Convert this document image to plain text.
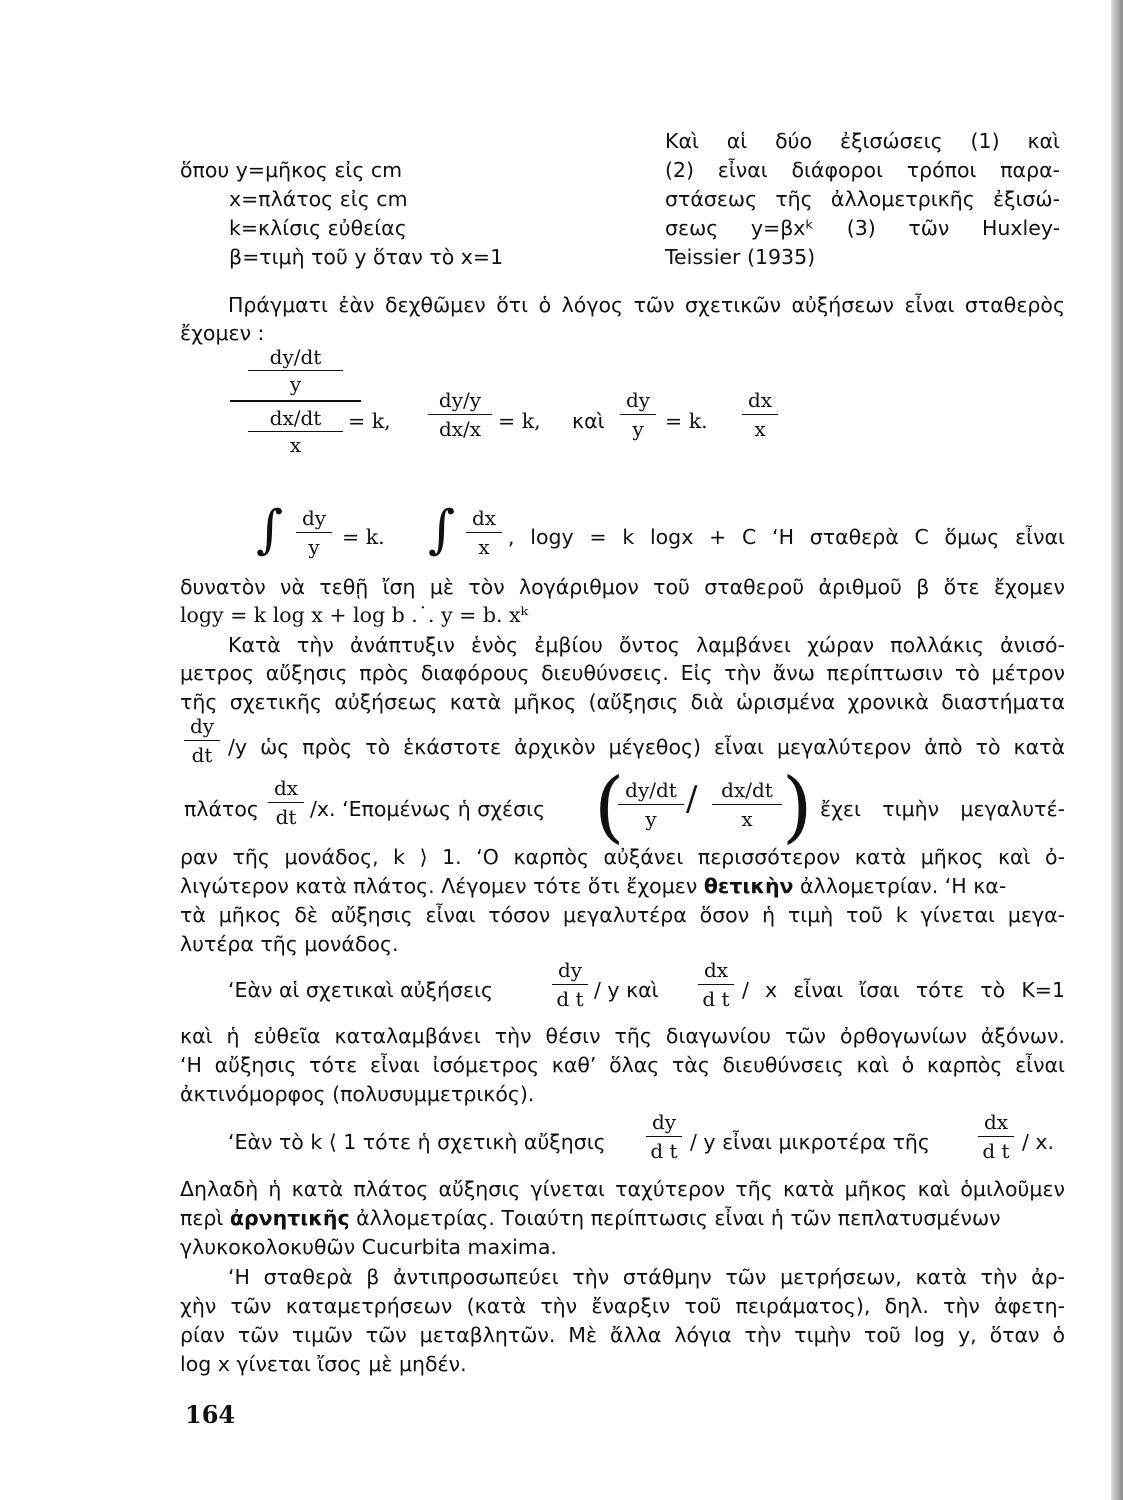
Καὶ αἱ δύο ἐξισώσεις (1) καὶ
(2) εἶναι διάφοροι τρόποι παρα-
στάσεως τῆς ἀλλομετρικῆς ἐξισώ-
σεως y=βxᵏ (3) τῶν Huxley-
Teissier (1935)
ὅπου y=μῆκος εἰς cm
x=πλάτος εἰς cm
k=κλίσις εὐθείας
β=τιμὴ τοῦ y ὅταν τὸ x=1
Πράγματι ἐὰν δεχθῶμεν ὅτι ὁ λόγος τῶν σχετικῶν αὐξήσεων εἶναι σταθερὸς
ἔχομεν :
dy/dt
y
dx/dt
x
= k,
dy/y
dx/x = k, καὶ
dy
y	= k.
dx
x
∫ dy
y	= k. ∫ dx
x , logy = k logx + C ‘Η σταθερὰ C ὅμως εἶναι
δυνατὸν νὰ τεθῇ ἴση μὲ τὸν λογάριθμον τοῦ σταθεροῦ ἀριθμοῦ β ὅτε ἔχομεν
logy = k log x + log b .˙. y = b. xᵏ
Κατὰ τὴν ἀνάπτυξιν ἑνὸς ἐμβίου ὄντος λαμβάνει χώραν πολλάκις ἀνισό-
μετρος αὔξησις πρὸς διαφόρους διευθύνσεις. Εἰς τὴν ἄνω περίπτωσιν τὸ μέτρον
τῆς σχετικῆς αὐξήσεως κατὰ μῆκος (αὔξησις διὰ ὡρισμένα χρονικὰ διαστήματα
dy
dt /y ὡς πρὸς τὸ ἑκάστοτε ἀρχικὸν μέγεθος) εἶναι μεγαλύτερον ἀπὸ τὸ κατὰ
πλάτος
dx
dt /x. ‘Επομένως ἡ σχέσις ( dy/dt
y /	dx/dt
x ) ἔχει τιμὴν μεγαλυτέ-
ραν τῆς μονάδος, k ⟩ 1. ‘Ο καρπὸς αὐξάνει περισσότερον κατὰ μῆκος καὶ ὀ-
λιγώτερον κατὰ πλάτος. Λέγομεν τότε ὅτι ἔχομεν θετικὴν ἀλλομετρίαν. ‘Η κα-
τὰ μῆκος δὲ αὔξησις εἶναι τόσον μεγαλυτέρα ὅσον ἡ τιμὴ τοῦ k γίνεται μεγα-
λυτέρα τῆς μονάδος.
‘Εὰν αἱ σχετικαὶ αὐξήσεις
dy
d t / y καὶ
dx
d t / x εἶναι ἴσαι τότε τὸ K=1
καὶ ἡ εὐθεῖα καταλαμβάνει τὴν θέσιν τῆς διαγωνίου τῶν ὀρθογωνίων ἀξόνων.
‘Η αὔξησις τότε εἶναι ἰσόμετρος καθ’ ὅλας τὰς διευθύνσεις καὶ ὁ καρπὸς εἶναι
ἀκτινόμορφος (πολυσυμμετρικός).
‘Εὰν τὸ k ⟨ 1 τότε ἡ σχετικὴ αὔξησις
dy
d t / y εἶναι μικροτέρα τῆς
dx
d t / x.
Δηλαδὴ ἡ κατὰ πλάτος αὔξησις γίνεται ταχύτερον τῆς κατὰ μῆκος καὶ ὁμιλοῦμεν
περὶ ἀρνητικῆς ἀλλομετρίας. Τοιαύτη περίπτωσις εἶναι ἡ τῶν πεπλατυσμένων
γλυκοκολοκυθῶν Cucurbita maxima.
‘Η σταθερὰ β ἀντιπροσωπεύει τὴν στάθμην τῶν μετρήσεων, κατὰ τὴν ἀρ-
χὴν τῶν καταμετρήσεων (κατὰ τὴν ἔναρξιν τοῦ πειράματος), δηλ. τὴν ἀφετη-
ρίαν τῶν τιμῶν τῶν μεταβλητῶν. Μὲ ἄλλα λόγια τὴν τιμὴν τοῦ log y, ὅταν ὁ
log x γίνεται ἴσος μὲ μηδέν.
164
